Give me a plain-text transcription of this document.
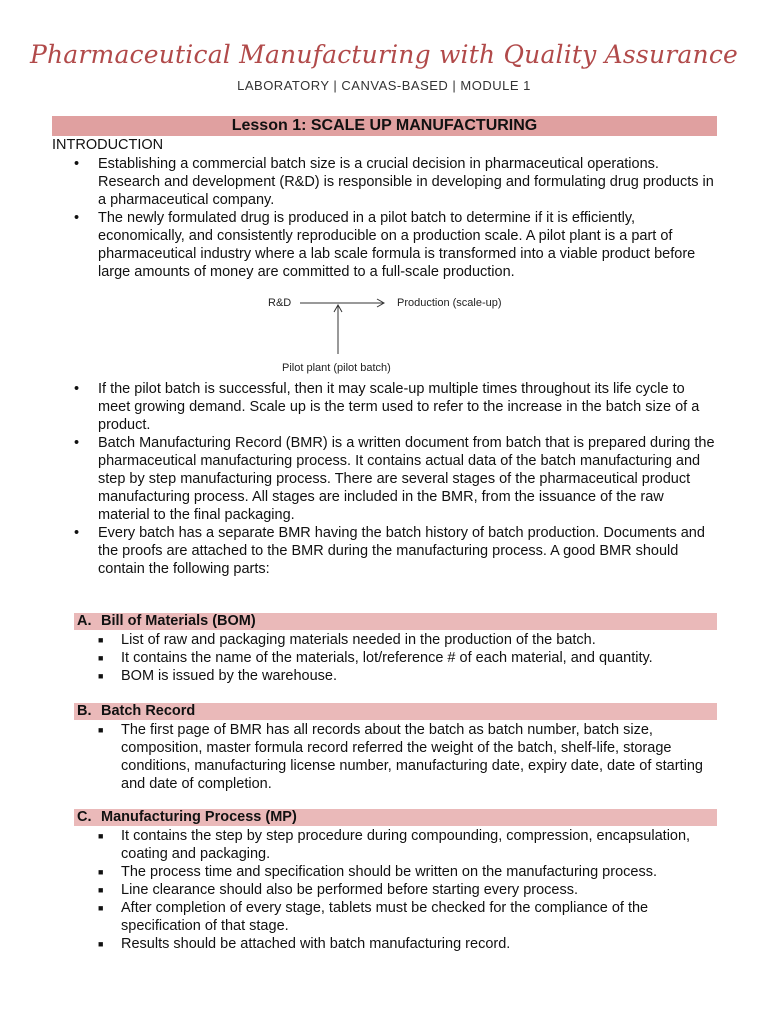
Pharmaceutical Manufacturing with Quality Assurance
LABORATORY | CANVAS-BASED | MODULE 1
Lesson 1: SCALE UP MANUFACTURING
INTRODUCTION
• Establishing a commercial batch size is a crucial decision in pharmaceutical operations. Research and development (R&D) is responsible in developing and formulating drug products in a pharmaceutical company.
• The newly formulated drug is produced in a pilot batch to determine if it is efficiently, economically, and consistently reproducible on a production scale. A pilot plant is a part of pharmaceutical industry where a lab scale formula is transformed into a viable product before large amounts of money are committed to a full-scale production.
R&D	Production (scale-up)
Pilot plant (pilot batch)
• If the pilot batch is successful, then it may scale-up multiple times throughout its life cycle to meet growing demand. Scale up is the term used to refer to the increase in the batch size of a product.
• Batch Manufacturing Record (BMR) is a written document from batch that is prepared during the pharmaceutical manufacturing process. It contains actual data of the batch manufacturing and step by step manufacturing process. There are several stages of the pharmaceutical product manufacturing process. All stages are included in the BMR, from the issuance of the raw material to the final packaging.
• Every batch has a separate BMR having the batch history of batch production. Documents and the proofs are attached to the BMR during the manufacturing process. A good BMR should contain the following parts:
A. Bill of Materials (BOM)
■ List of raw and packaging materials needed in the production of the batch.
■ It contains the name of the materials, lot/reference # of each material, and quantity.
■ BOM is issued by the warehouse.
B. Batch Record
■ The first page of BMR has all records about the batch as batch number, batch size, composition, master formula record referred the weight of the batch, shelf-life, storage conditions, manufacturing license number, manufacturing date, expiry date, date of starting and date of completion.
C. Manufacturing Process (MP)
■ It contains the step by step procedure during compounding, compression, encapsulation, coating and packaging.
■ The process time and specification should be written on the manufacturing process.
■ Line clearance should also be performed before starting every process.
■ After completion of every stage, tablets must be checked for the compliance of the specification of that stage.
■ Results should be attached with batch manufacturing record.
